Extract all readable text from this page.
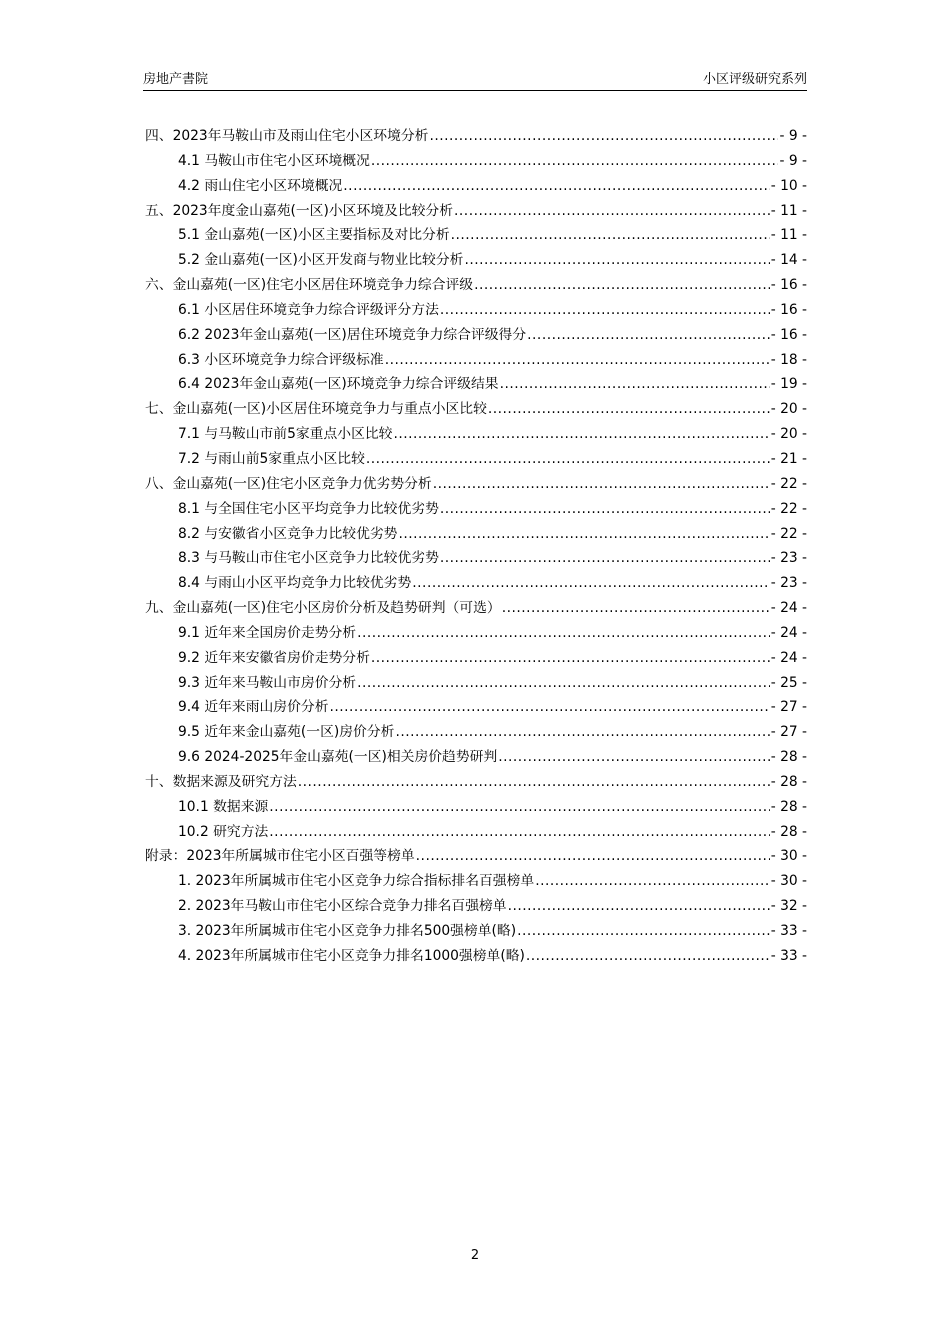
房地产書院	小区评级研究系列
四、2023年马鞍山市及雨山住宅小区环境分析 .....	- 9 -
4.1 马鞍山市住宅小区环境概况 .....	- 9 -
4.2 雨山住宅小区环境概况 .....	- 10 -
五、2023年度金山嘉苑(一区)小区环境及比较分析 .....	- 11 -
5.1 金山嘉苑(一区)小区主要指标及对比分析 .....	- 11 -
5.2 金山嘉苑(一区)小区开发商与物业比较分析 .....	- 14 -
六、金山嘉苑(一区)住宅小区居住环境竞争力综合评级 .....	- 16 -
6.1 小区居住环境竞争力综合评级评分方法 .....	- 16 -
6.2 2023年金山嘉苑(一区)居住环境竞争力综合评级得分 .....	- 16 -
6.3 小区环境竞争力综合评级标准 .....	- 18 -
6.4 2023年金山嘉苑(一区)环境竞争力综合评级结果 .....	- 19 -
七、金山嘉苑(一区)小区居住环境竞争力与重点小区比较 .....	- 20 -
7.1 与马鞍山市前5家重点小区比较 .....	- 20 -
7.2 与雨山前5家重点小区比较 .....	- 21 -
八、金山嘉苑(一区)住宅小区竞争力优劣势分析 .....	- 22 -
8.1 与全国住宅小区平均竞争力比较优劣势 .....	- 22 -
8.2 与安徽省小区竞争力比较优劣势 .....	- 22 -
8.3 与马鞍山市住宅小区竞争力比较优劣势 .....	- 23 -
8.4 与雨山小区平均竞争力比较优劣势 .....	- 23 -
九、金山嘉苑(一区)住宅小区房价分析及趋势研判（可选） .....	- 24 -
9.1 近年来全国房价走势分析 .....	- 24 -
9.2 近年来安徽省房价走势分析 .....	- 24 -
9.3 近年来马鞍山市房价分析 .....	- 25 -
9.4 近年来雨山房价分析 .....	- 27 -
9.5 近年来金山嘉苑(一区)房价分析 .....	- 27 -
9.6 2024-2025年金山嘉苑(一区)相关房价趋势研判 .....	- 28 -
十、数据来源及研究方法 .....	- 28 -
10.1 数据来源 .....	- 28 -
10.2 研究方法 .....	- 28 -
附录：2023年所属城市住宅小区百强等榜单 .....	- 30 -
1. 2023年所属城市住宅小区竞争力综合指标排名百强榜单 .....	- 30 -
2. 2023年马鞍山市住宅小区综合竞争力排名百强榜单 .....	- 32 -
3. 2023年所属城市住宅小区竞争力排名500强榜单(略) .....	- 33 -
4. 2023年所属城市住宅小区竞争力排名1000强榜单(略) .....	- 33 -
2
